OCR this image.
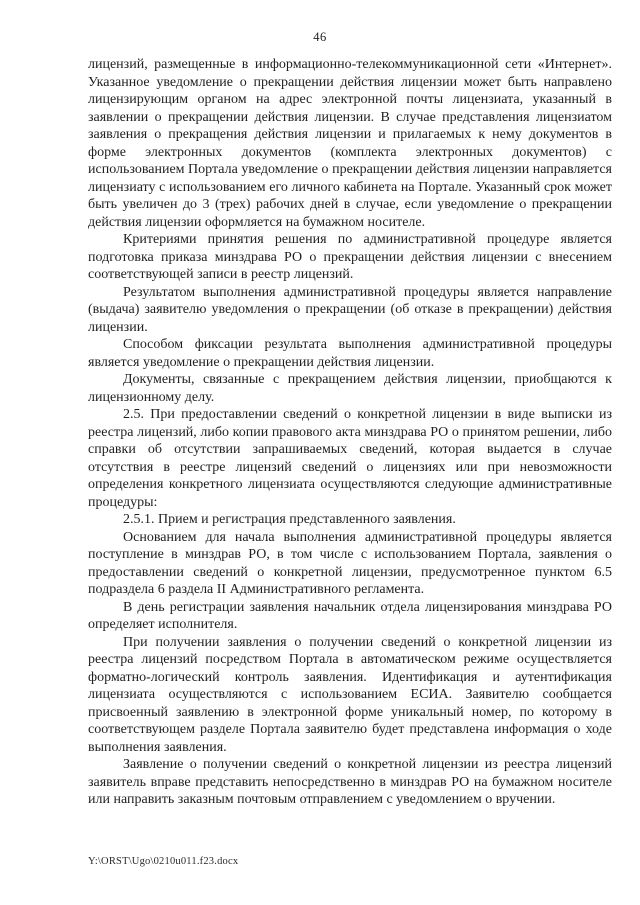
46

лицензий, размещенные в информационно-телекоммуникационной сети «Интернет». Указанное уведомление о прекращении действия лицензии может быть направлено лицензирующим органом на адрес электронной почты лицензиата, указанный в заявлении о прекращении действия лицензии. В случае представления лицензиатом заявления о прекращения действия лицензии и прилагаемых к нему документов в форме электронных документов (комплекта электронных документов) с использованием Портала уведомление о прекращении действия лицензии направляется лицензиату с использованием его личного кабинета на Портале. Указанный срок может быть увеличен до 3 (трех) рабочих дней в случае, если уведомление о прекращении действия лицензии оформляется на бумажном носителе.

Критериями принятия решения по административной процедуре является подготовка приказа минздрава РО о прекращении действия лицензии с внесением соответствующей записи в реестр лицензий.

Результатом выполнения административной процедуры является направление (выдача) заявителю уведомления о прекращении (об отказе в прекращении) действия лицензии.

Способом фиксации результата выполнения административной процедуры является уведомление о прекращении действия лицензии.

Документы, связанные с прекращением действия лицензии, приобщаются к лицензионному делу.

2.5. При предоставлении сведений о конкретной лицензии в виде выписки из реестра лицензий, либо копии правового акта минздрава РО о принятом решении, либо справки об отсутствии запрашиваемых сведений, которая выдается в случае отсутствия в реестре лицензий сведений о лицензиях или при невозможности определения конкретного лицензиата осуществляются следующие административные процедуры:

2.5.1. Прием и регистрация представленного заявления.

Основанием для начала выполнения административной процедуры является поступление в минздрав РО, в том числе с использованием Портала, заявления о предоставлении сведений о конкретной лицензии, предусмотренное пунктом 6.5 подраздела 6 раздела II Административного регламента.

В день регистрации заявления начальник отдела лицензирования минздрава РО определяет исполнителя.

При получении заявления о получении сведений о конкретной лицензии из реестра лицензий посредством Портала в автоматическом режиме осуществляется форматно-логический контроль заявления. Идентификация и аутентификация лицензиата осуществляются с использованием ЕСИА. Заявителю сообщается присвоенный заявлению в электронной форме уникальный номер, по которому в соответствующем разделе Портала заявителю будет представлена информация о ходе выполнения заявления.

Заявление о получении сведений о конкретной лицензии из реестра лицензий заявитель вправе представить непосредственно в минздрав РО на бумажном носителе или направить заказным почтовым отправлением с уведомлением о вручении.

Y:\ORST\Ugo\0210u011.f23.docx
